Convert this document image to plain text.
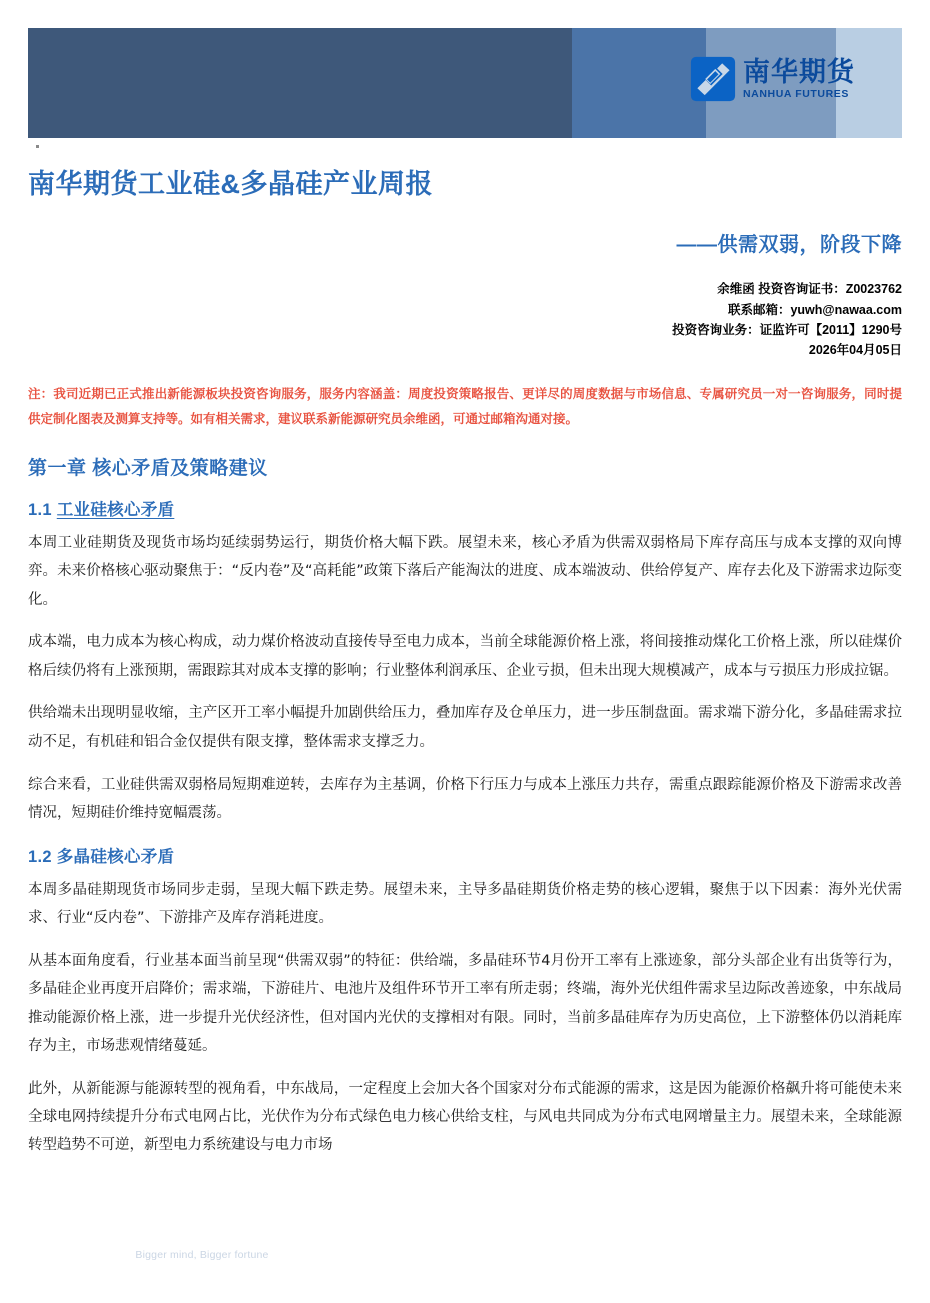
Bigger mind, Bigger fortune
智慧创造财富
南华期货
NANHUA FUTURES
南华期货工业硅&多晶硅产业周报
——供需双弱，阶段下降
余维函 投资咨询证书：Z0023762
联系邮箱：yuwh@nawaa.com
投资咨询业务：证监许可【2011】1290号
2026年04月05日
注：我司近期已正式推出新能源板块投资咨询服务，服务内容涵盖：周度投资策略报告、更详尽的周度数据与市场信息、专属研究员一对一咨询服务，同时提供定制化图表及测算支持等。如有相关需求，建议联系新能源研究员余维函，可通过邮箱沟通对接。
第一章 核心矛盾及策略建议
1.1 工业硅核心矛盾

本周工业硅期货及现货市场均延续弱势运行，期货价格大幅下跌。展望未来，核心矛盾为供需双弱格局下库存高压与成本支撑的双向博弈。未来价格核心驱动聚焦于：“反内卷”及“高耗能”政策下落后产能淘汰的进度、成本端波动、供给停复产、库存去化及下游需求边际变化。

成本端，电力成本为核心构成，动力煤价格波动直接传导至电力成本，当前全球能源价格上涨，将间接推动煤化工价格上涨，所以硅煤价格后续仍将有上涨预期，需跟踪其对成本支撑的影响；行业整体利润承压、企业亏损，但未出现大规模减产，成本与亏损压力形成拉锯。

供给端未出现明显收缩，主产区开工率小幅提升加剧供给压力，叠加库存及仓单压力，进一步压制盘面。需求端下游分化，多晶硅需求拉动不足，有机硅和铝合金仅提供有限支撑，整体需求支撑乏力。

综合来看，工业硅供需双弱格局短期难逆转，去库存为主基调，价格下行压力与成本上涨压力共存，需重点跟踪能源价格及下游需求改善情况，短期硅价维持宽幅震荡。

1.2 多晶硅核心矛盾

本周多晶硅期现货市场同步走弱，呈现大幅下跌走势。展望未来，主导多晶硅期货价格走势的核心逻辑，聚焦于以下因素：海外光伏需求、行业“反内卷”、下游排产及库存消耗进度。

从基本面角度看，行业基本面当前呈现“供需双弱”的特征：供给端，多晶硅环节4月份开工率有上涨迹象，部分头部企业有出货等行为，多晶硅企业再度开启降价；需求端，下游硅片、电池片及组件环节开工率有所走弱；终端，海外光伏组件需求呈边际改善迹象，中东战局推动能源价格上涨，进一步提升光伏经济性，但对国内光伏的支撑相对有限。同时，当前多晶硅库存为历史高位，上下游整体仍以消耗库存为主，市场悲观情绪蔓延。

此外，从新能源与能源转型的视角看，中东战局，一定程度上会加大各个国家对分布式能源的需求，这是因为能源价格飙升将可能使未来全球电网持续提升分布式电网占比，光伏作为分布式绿色电力核心供给支柱，与风电共同成为分布式电网增量主力。展望未来，全球能源转型趋势不可逆，新型电力系统建设与电力市场
